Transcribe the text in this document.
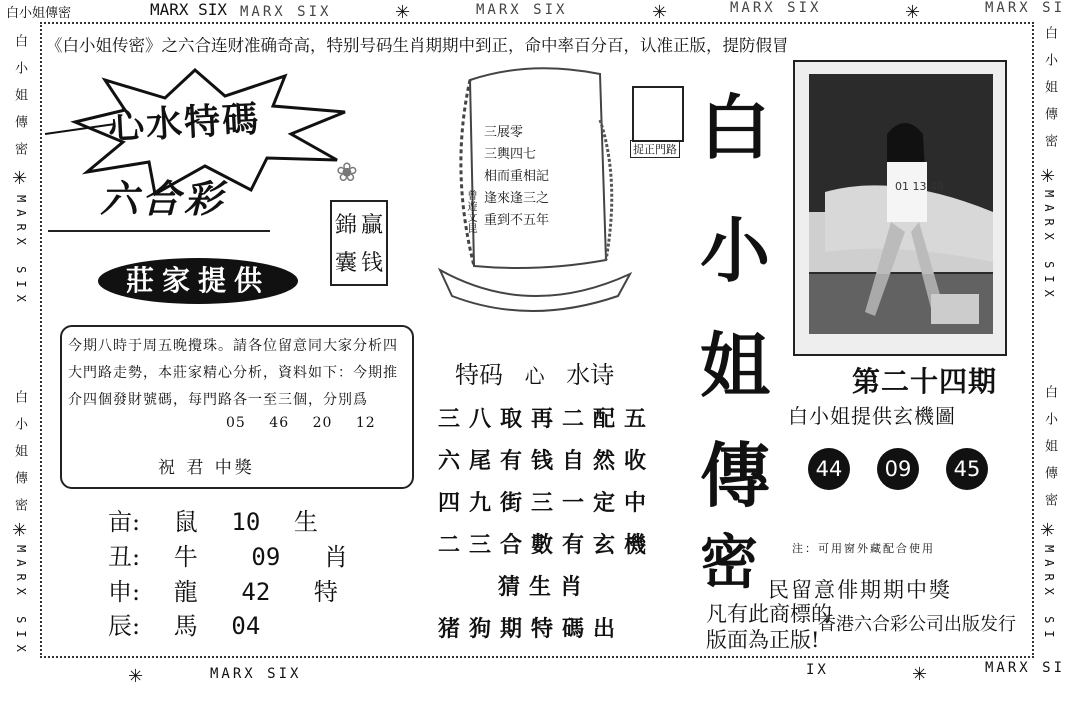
白小姐傳密	MARX SIX MARX SIX	✳	MARX SIX	✳	MARX SIX	✳	MARX SI
白小姐傳密
✳
MARX SIX
白小姐傳密
✳
MARX SIX
白小姐傳密
✳
MARX SIX
白小姐傳密
✳
MARX SI
《白小姐传密》之六合连财准确奇高，特别号码生肖期期中到正，命中率百分百，认准正版，提防假冒
心水特碼
六合彩
錦
囊
贏
钱
❀
莊家提供
今期八時于周五晚攪珠。請各位留意同大家分析四大門路走勢，本莊家精心分析，資料如下：今期推介四個發財號碼，每門路各一至三個，分別爲
05 46 20 12
祝 君 中獎
亩: 鼠 10 生
丑: 牛 09 肖
申: 龍 42 特
辰: 馬 04
三展零
三輿四七
相而重相記
逢來逢三之
重到不五年
曾遊文昆
捉正門路
特码 心 水诗
三八取再二配五
六尾有钱自然收
四九街三一定中
二三合數有玄機
猜生肖
猪狗期特碼出
白
小
姐
傳
密
01 13 48
第二十四期
白小姐提供玄機圖
44	09	45
注：可用窗外藏配合使用
民留意俳期期中獎
凡有此商標的
版面為正版!
香港六合彩公司出版发行
✳	MARX SIX	IX	✳	MARX SI
